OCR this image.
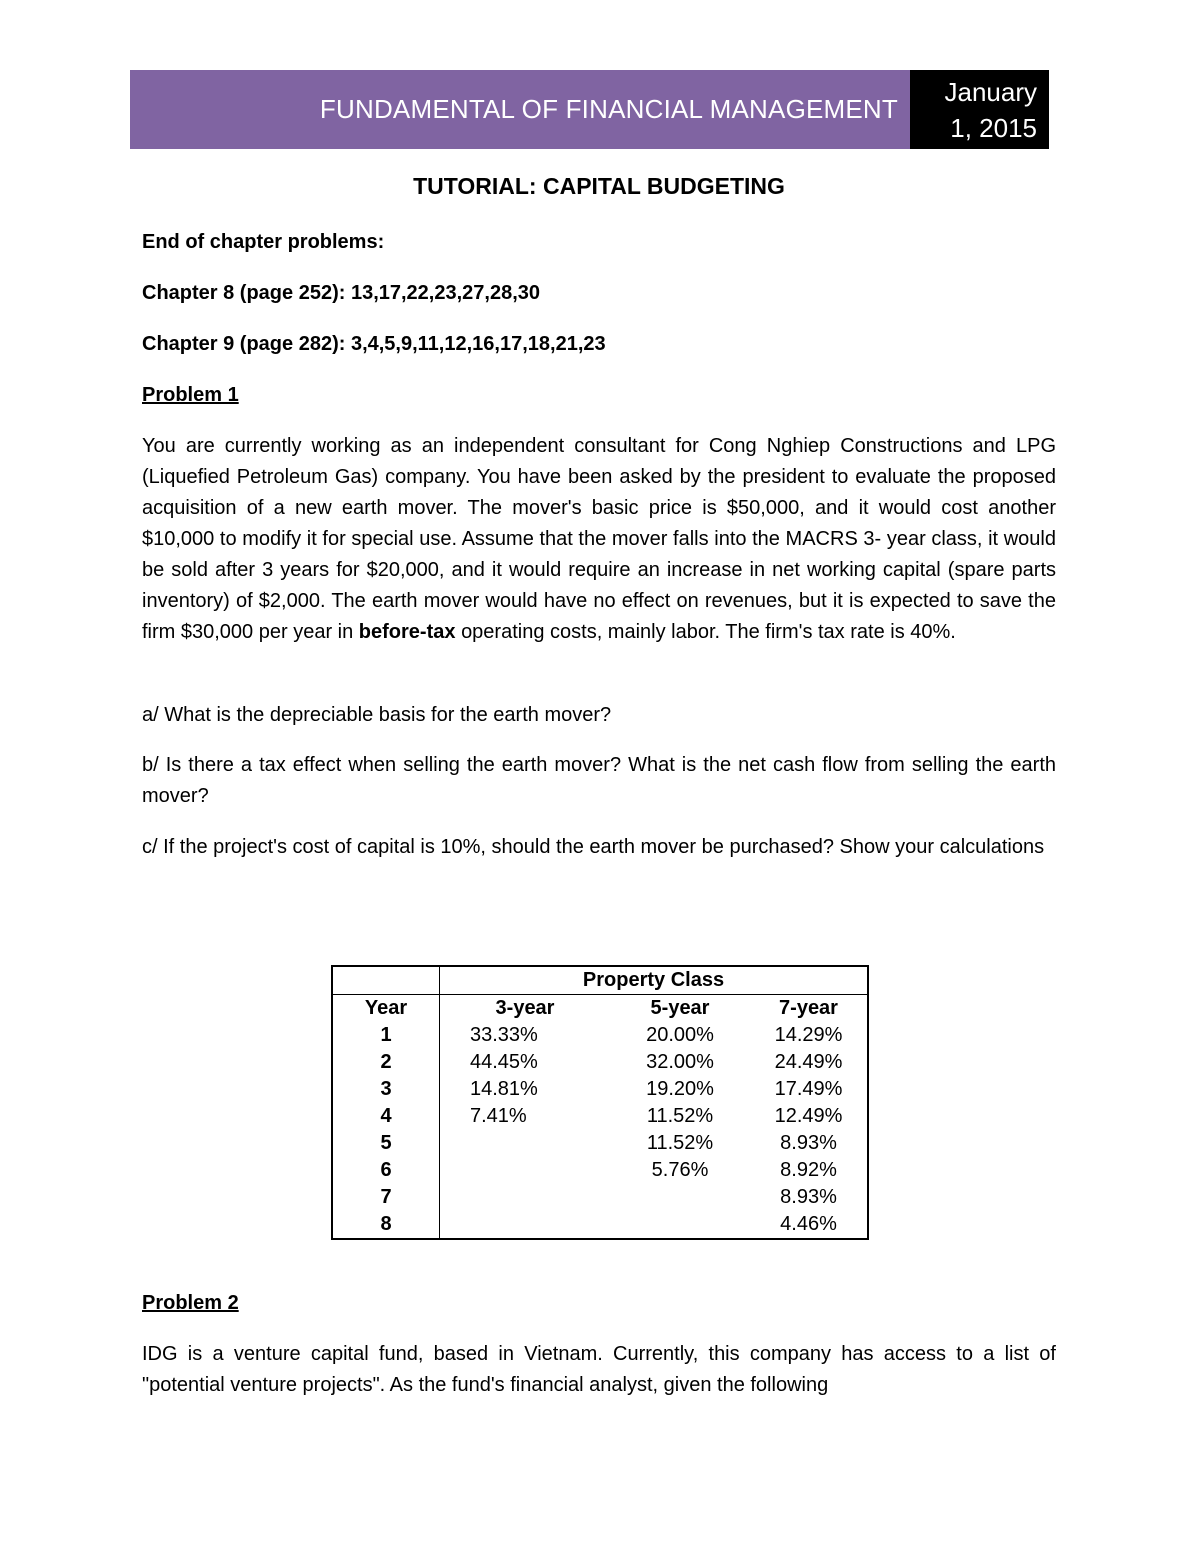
FUNDAMENTAL OF FINANCIAL MANAGEMENT
January
1, 2015
TUTORIAL: CAPITAL BUDGETING
End of chapter problems:
Chapter 8 (page 252): 13,17,22,23,27,28,30
Chapter 9 (page 282): 3,4,5,9,11,12,16,17,18,21,23
Problem 1
You are currently working as an independent consultant for Cong Nghiep Constructions and LPG (Liquefied Petroleum Gas) company. You have been asked by the president to evaluate the proposed acquisition of a new earth mover. The mover's basic price is $50,000, and it would cost another $10,000 to modify it for special use. Assume that the mover falls into the MACRS 3- year class, it would be sold after 3 years for $20,000, and it would require an increase in net working capital (spare parts inventory) of $2,000. The earth mover would have no effect on revenues, but it is expected to save the firm $30,000 per year in before-tax operating costs, mainly labor. The firm's tax rate is 40%.
a/ What is the depreciable basis for the earth mover?
b/ Is there a tax effect when selling the earth mover? What is the net cash flow from selling the earth mover?
c/ If the project's cost of capital is 10%, should the earth mover be purchased? Show your calculations
	Property Class		
Year	3-year	5-year	7-year
1	33.33%	20.00%	14.29%
2	44.45%	32.00%	24.49%
3	14.81%	19.20%	17.49%
4	7.41%	11.52%	12.49%
5		11.52%	8.93%
6		5.76%	8.92%
7			8.93%
8			4.46%
Problem 2
IDG is a venture capital fund, based in Vietnam. Currently, this company has access to a list of "potential venture projects". As the fund's financial analyst, given the following
